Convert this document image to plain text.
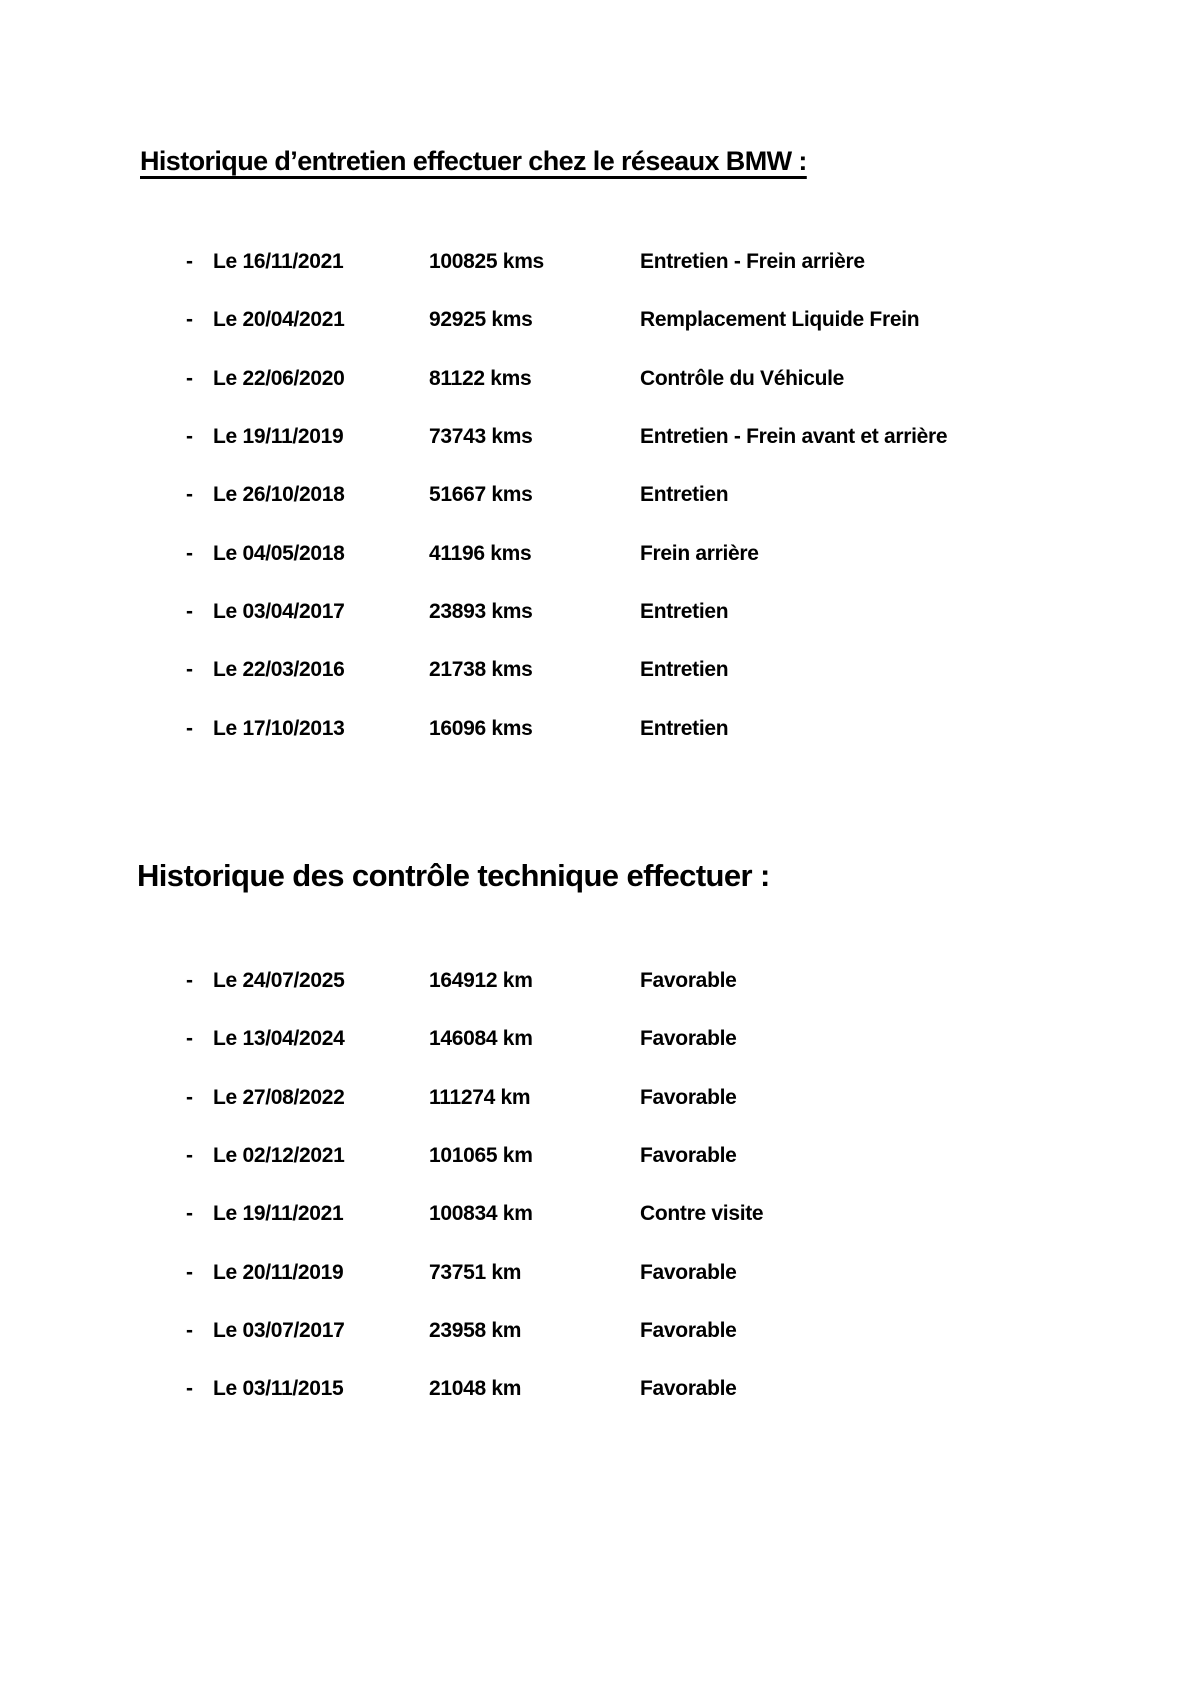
Historique d’entretien effectuer chez le réseaux BMW :
- Le 16/11/2021	100825 kms	Entretien - Frein arrière
- Le 20/04/2021	92925 kms	Remplacement Liquide Frein
- Le 22/06/2020	81122 kms	Contrôle du Véhicule
- Le 19/11/2019	73743 kms	Entretien - Frein avant et arrière
- Le 26/10/2018	51667 kms	Entretien
- Le 04/05/2018	41196 kms	Frein arrière
- Le 03/04/2017	23893 kms	Entretien
- Le 22/03/2016	21738 kms	Entretien
- Le 17/10/2013	16096 kms	Entretien
Historique des contrôle technique effectuer :
- Le 24/07/2025	164912 km	Favorable
- Le 13/04/2024	146084 km	Favorable
- Le 27/08/2022	111274 km	Favorable
- Le 02/12/2021	101065 km	Favorable
- Le 19/11/2021	100834 km	Contre visite
- Le 20/11/2019	73751 km	Favorable
- Le 03/07/2017	23958 km	Favorable
- Le 03/11/2015	21048 km	Favorable
